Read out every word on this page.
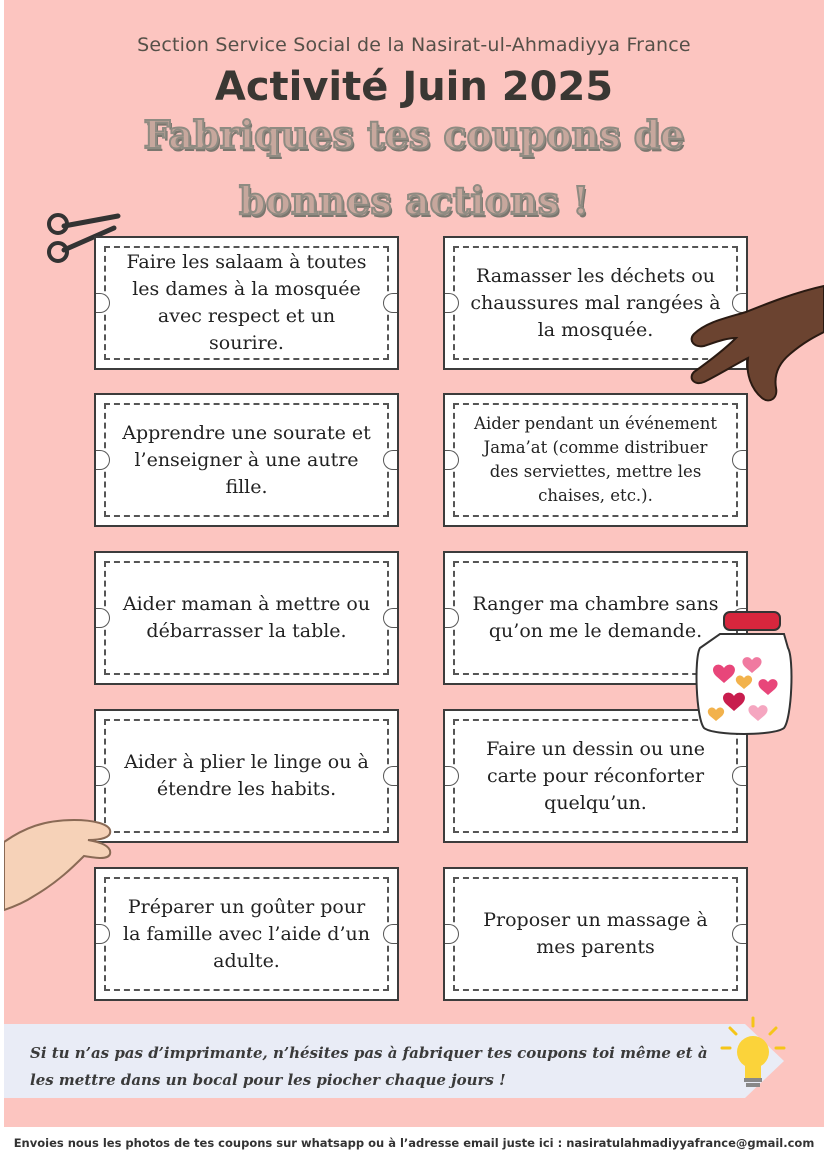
Section Service Social de la Nasirat-ul-Ahmadiyya France
Activité Juin 2025
Fabriques tes coupons de
bonnes actions !
Faire les salaam à toutes les dames à la mosquée avec respect et un sourire.
Ramasser les déchets ou chaussures mal rangées à la mosquée.
Apprendre une sourate et l’enseigner à une autre fille.
Aider pendant un événement Jama’at (comme distribuer des serviettes, mettre les chaises, etc.).
Aider maman à mettre ou débarrasser la table.
Ranger ma chambre sans qu’on me le demande.
Aider à plier le linge ou à étendre les habits.
Faire un dessin ou une carte pour réconforter quelqu’un.
Préparer un goûter pour la famille avec l’aide d’un adulte.
Proposer un massage à mes parents
Si tu n’as pas d’imprimante, n’hésites pas à fabriquer tes coupons toi même et à les mettre dans un bocal pour les piocher chaque jours !
Envoies nous les photos de tes coupons sur whatsapp ou à l’adresse email juste ici : nasiratulahmadiyyafrance@gmail.com
